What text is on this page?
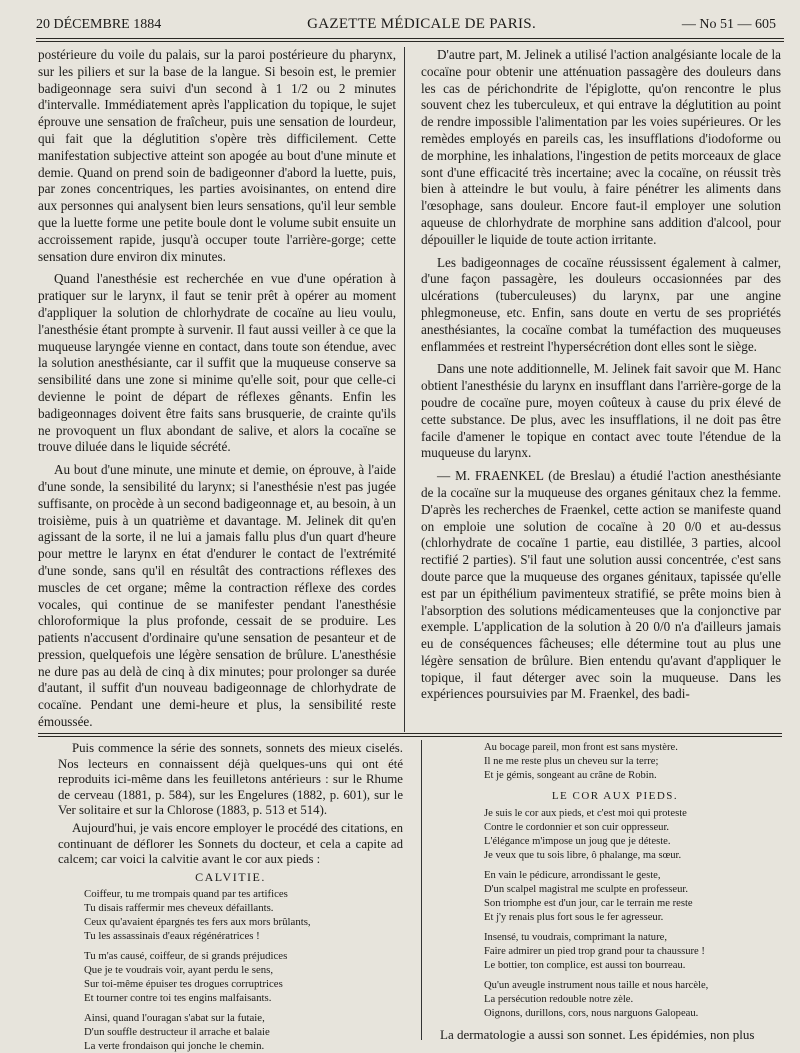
20 DÉCEMBRE 1884	GAZETTE MÉDICALE DE PARIS.	— No 51 — 605

postérieure du voile du palais, sur la paroi postérieure du pharynx, sur les piliers et sur la base de la langue. Si besoin est, le premier badigeonnage sera suivi d'un second à 1 1/2 ou 2 minutes d'intervalle. Immédiatement après l'application du topique, le sujet éprouve une sensation de fraîcheur, puis une sensation de lourdeur, qui fait que la déglutition s'opère très difficilement. Cette manifestation subjective atteint son apogée au bout d'une minute et demie. Quand on prend soin de badigeonner d'abord la luette, puis, par zones concentriques, les parties avoisinantes, on entend dire aux personnes qui analysent bien leurs sensations, qu'il leur semble que la luette forme une petite boule dont le volume subit ensuite un accroissement rapide, jusqu'à occuper toute l'arrière-gorge; cette sensation dure environ dix minutes.

Quand l'anesthésie est recherchée en vue d'une opération à pratiquer sur le larynx, il faut se tenir prêt à opérer au moment d'appliquer la solution de chlorhydrate de cocaïne au lieu voulu, l'anesthésie étant prompte à survenir. Il faut aussi veiller à ce que la muqueuse laryngée vienne en contact, dans toute son étendue, avec la solution anesthésiante, car il suffit que la muqueuse conserve sa sensibilité dans une zone si minime qu'elle soit, pour que celle-ci devienne le point de départ de réflexes gênants. Enfin les badigeonnages doivent être faits sans brusquerie, de crainte qu'ils ne provoquent un flux abondant de salive, et alors la cocaïne se trouve diluée dans le liquide sécrété.

Au bout d'une minute, une minute et demie, on éprouve, à l'aide d'une sonde, la sensibilité du larynx; si l'anesthésie n'est pas jugée suffisante, on procède à un second badigeonnage et, au besoin, à un troisième, puis à un quatrième et davantage. M. Jelinek dit qu'en agissant de la sorte, il ne lui a jamais fallu plus d'un quart d'heure pour mettre le larynx en état d'endurer le contact de l'extrémité d'une sonde, sans qu'il en résultât des contractions réflexes des muscles de cet organe; même la contraction réflexe des cordes vocales, qui continue de se manifester pendant l'anesthésie chloroformique la plus profonde, cessait de se produire. Les patients n'accusent d'ordinaire qu'une sensation de pesanteur et de pression, quelquefois une légère sensation de brûlure. L'anesthésie ne dure pas au delà de cinq à dix minutes; pour prolonger sa durée d'autant, il suffit d'un nouveau badigeonnage de chlorhydrate de cocaïne. Pendant une demi-heure et plus, la sensibilité reste émoussée.

D'autre part, M. Jelinek a utilisé l'action analgésiante locale de la cocaïne pour obtenir une atténuation passagère des douleurs dans les cas de périchondrite de l'épiglotte, qu'on rencontre le plus souvent chez les tuberculeux, et qui entrave la déglutition au point de rendre impossible l'alimentation par les voies supérieures. Or les remèdes employés en pareils cas, les insufflations d'iodoforme ou de morphine, les inhalations, l'ingestion de petits morceaux de glace sont d'une efficacité très incertaine; avec la cocaïne, on réussit très bien à atteindre le but voulu, à faire pénétrer les aliments dans l'œsophage, sans douleur. Encore faut-il employer une solution aqueuse de chlorhydrate de morphine sans addition d'alcool, pour dépouiller le liquide de toute action irritante.

Les badigeonnages de cocaïne réussissent également à calmer, d'une façon passagère, les douleurs occasionnées par des ulcérations (tuberculeuses) du larynx, par une angine phlegmoneuse, etc. Enfin, sans doute en vertu de ses propriétés anesthésiantes, la cocaïne combat la tuméfaction des muqueuses enflammées et restreint l'hypersécrétion dont elles sont le siège.

Dans une note additionnelle, M. Jelinek fait savoir que M. Hanc obtient l'anesthésie du larynx en insufflant dans l'arrière-gorge de la poudre de cocaïne pure, moyen coûteux à cause du prix élevé de cette substance. De plus, avec les insufflations, il ne doit pas être facile d'amener le topique en contact avec toute l'étendue de la muqueuse du larynx.

— M. FRAENKEL (de Breslau) a étudié l'action anesthésiante de la cocaïne sur la muqueuse des organes génitaux chez la femme. D'après les recherches de Fraenkel, cette action se manifeste quand on emploie une solution de cocaïne à 20 0/0 et au-dessus (chlorhydrate de cocaïne 1 partie, eau distillée, 3 parties, alcool rectifié 2 parties). S'il faut une solution aussi concentrée, c'est sans doute parce que la muqueuse des organes génitaux, tapissée qu'elle est par un épithélium pavimenteux stratifié, se prête moins bien à l'absorption des solutions médicamenteuses que la conjonctive par exemple. L'application de la solution à 20 0/0 n'a d'ailleurs jamais eu de conséquences fâcheuses; elle détermine tout au plus une légère sensation de brûlure. Bien entendu qu'avant d'appliquer le topique, il faut déterger avec soin la muqueuse. Dans les expériences poursuivies par M. Fraenkel, des badi-

Puis commence la série des sonnets, sonnets des mieux ciselés. Nos lecteurs en connaissent déjà quelques-uns qui ont été reproduits ici-même dans les feuilletons antérieurs : sur le Rhume de cerveau (1881, p. 584), sur les Engelures (1882, p. 601), sur le Ver solitaire et sur la Chlorose (1883, p. 513 et 514).

Aujourd'hui, je vais encore employer le procédé des citations, en continuant de déflorer les Sonnets du docteur, et cela a capite ad calcem; car voici la calvitie avant le cor aux pieds :

CALVITIE.
Coiffeur, tu me trompais quand par tes artifices
Tu disais raffermir mes cheveux défaillants.
Ceux qu'avaient épargnés tes fers aux mors brûlants,
Tu les assassinais d'eaux régénératrices !
Tu m'as causé, coiffeur, de si grands préjudices
Que je te voudrais voir, ayant perdu le sens,
Sur toi-même épuiser tes drogues corruptrices
Et tourner contre toi tes engins malfaisants.
Ainsi, quand l'ouragan s'abat sur la futaie,
D'un souffle destructeur il arrache et balaie
La verte frondaison qui jonche le chemin.
Au bocage pareil, mon front est sans mystère.
Il ne me reste plus un cheveu sur la terre;
Et je gémis, songeant au crâne de Robin.
LE COR AUX PIEDS.
Je suis le cor aux pieds, et c'est moi qui proteste
Contre le cordonnier et son cuir oppresseur.
L'élégance m'impose un joug que je déteste.
Je veux que tu sois libre, ô phalange, ma sœur.
En vain le pédicure, arrondissant le geste,
D'un scalpel magistral me sculpte en professeur.
Son triomphe est d'un jour, car le terrain me reste
Et j'y renais plus fort sous le fer agresseur.
Insensé, tu voudrais, comprimant la nature,
Faire admirer un pied trop grand pour ta chaussure !
Le bottier, ton complice, est aussi ton bourreau.
Qu'un aveugle instrument nous taille et nous harcèle,
La persécution redouble notre zèle.
Oignons, durillons, cors, nous narguons Galopeau.
La dermatologie a aussi son sonnet. Les épidémies, non plus
